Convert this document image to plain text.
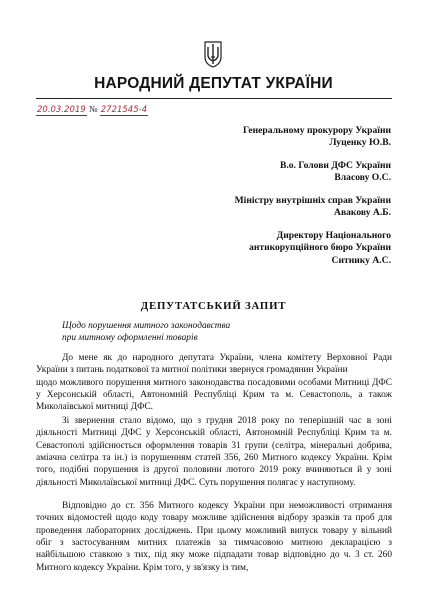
НАРОДНИЙ ДЕПУТАТ УКРАЇНИ
20.03.2019 № 2721545-4
Генеральному прокурору України
Луценку Ю.В.
В.о. Голови ДФС України
Власову О.С.
Міністру внутрішніх справ України
Авакову А.Б.
Директору Національного
антикорупційного бюро України
Ситнику А.С.
ДЕПУТАТСЬКИЙ ЗАПИТ
Щодо порушення митного законодавства
при митному оформленні товарів
До мене як до народного депутата України, члена комітету Верховної Ради України з питань податкової та митної політики звернуся громадянин України  щодо можливого порушення митного законодавства посадовими особами Митниці ДФС у Херсонській області, Автономній Республіці Крим та м. Севастополь, а також Миколаївської митниці ДФС.
Зі звернення стало відомо, що з грудня 2018 року по теперішній час в зоні діяльності Митниці ДФС у Херсонській області, Автономній Республіці Крим та м. Севастополі здійснюється оформлення товарів 31 групи (селітра, мінеральні добрива, аміачна селітра та ін.) із порушенням статей 356, 260 Митного кодексу України. Крім того, подібні порушення із другої половини лютого 2019 року вчиняються й у зоні діяльності Миколаївської митниці ДФС. Суть порушення полягає у наступному.
Відповідно до ст. 356 Митного кодексу України при неможливості отримання точних відомостей щодо коду товару можливе здійснення відбору зразків та проб для проведення лабораторних досліджень. При цьому можливий випуск товару у вільний обіг з застосуванням митних платежів за тимчасовою митною декларацією з найбільшою ставкою з тих, під яку може підпадати товар відповідно до ч. 3 ст. 260 Митного кодексу України. Крім того, у зв'язку із тим,
